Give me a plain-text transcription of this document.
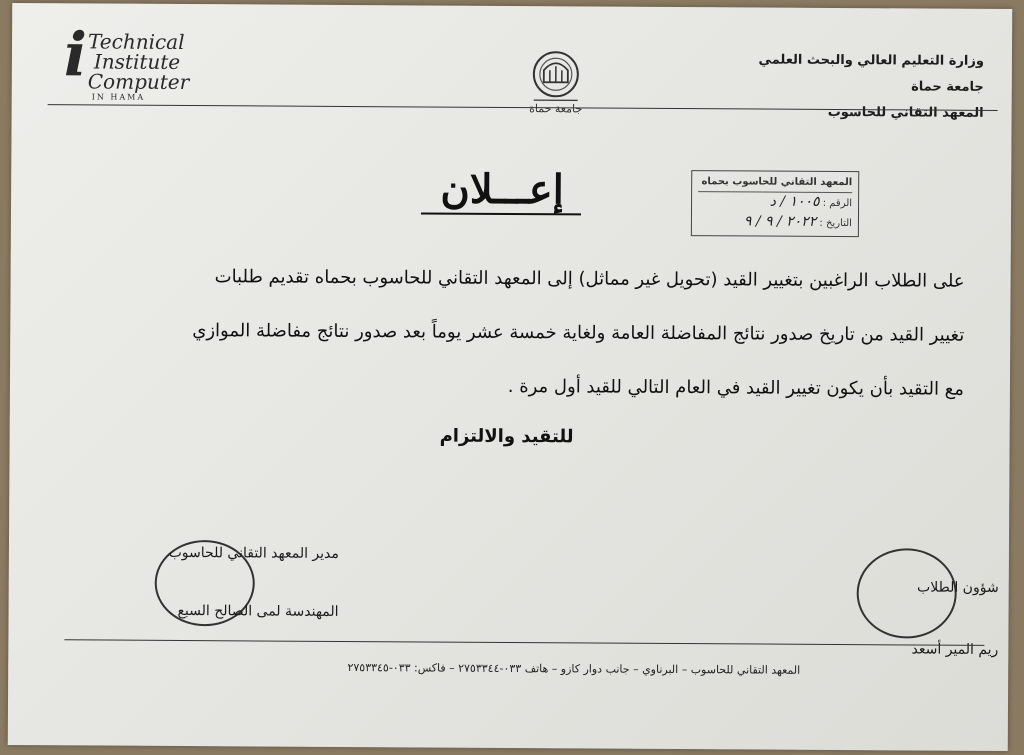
i Technical
Institute
Computer
IN HAMA
جامعة حماة
وزارة التعليم العالي والبحث العلمي
جامعة حماة
المعهد التقاني للحاسوب
المعهد التقاني للحاسوب بحماه
الرقم : ١٠٠٥ / د
التاريخ : ٢٠٢٢ / ٩ / ٩
إعـــلان
على الطلاب الراغبين بتغيير القيد (تحويل غير مماثل) إلى المعهد التقاني للحاسوب بحماه تقديم طلبات
تغيير القيد من تاريخ صدور نتائج المفاضلة العامة ولغاية خمسة عشر يوماً بعد صدور نتائج مفاضلة الموازي
مع التقيد بأن يكون تغيير القيد في العام التالي للقيد أول مرة .
للتقيد والالتزام
مدير المعهد التقاني للحاسوب
المهندسة لمى الصالح السبع
شؤون الطلاب
ريم المير أسعد
المعهد التقاني للحاسوب – البرناوي – جانب دوار كازو – هاتف ٠٣٣-٢٧٥٣٣٤٤ – فاكس: ٠٣٣-٢٧٥٣٣٤٥
